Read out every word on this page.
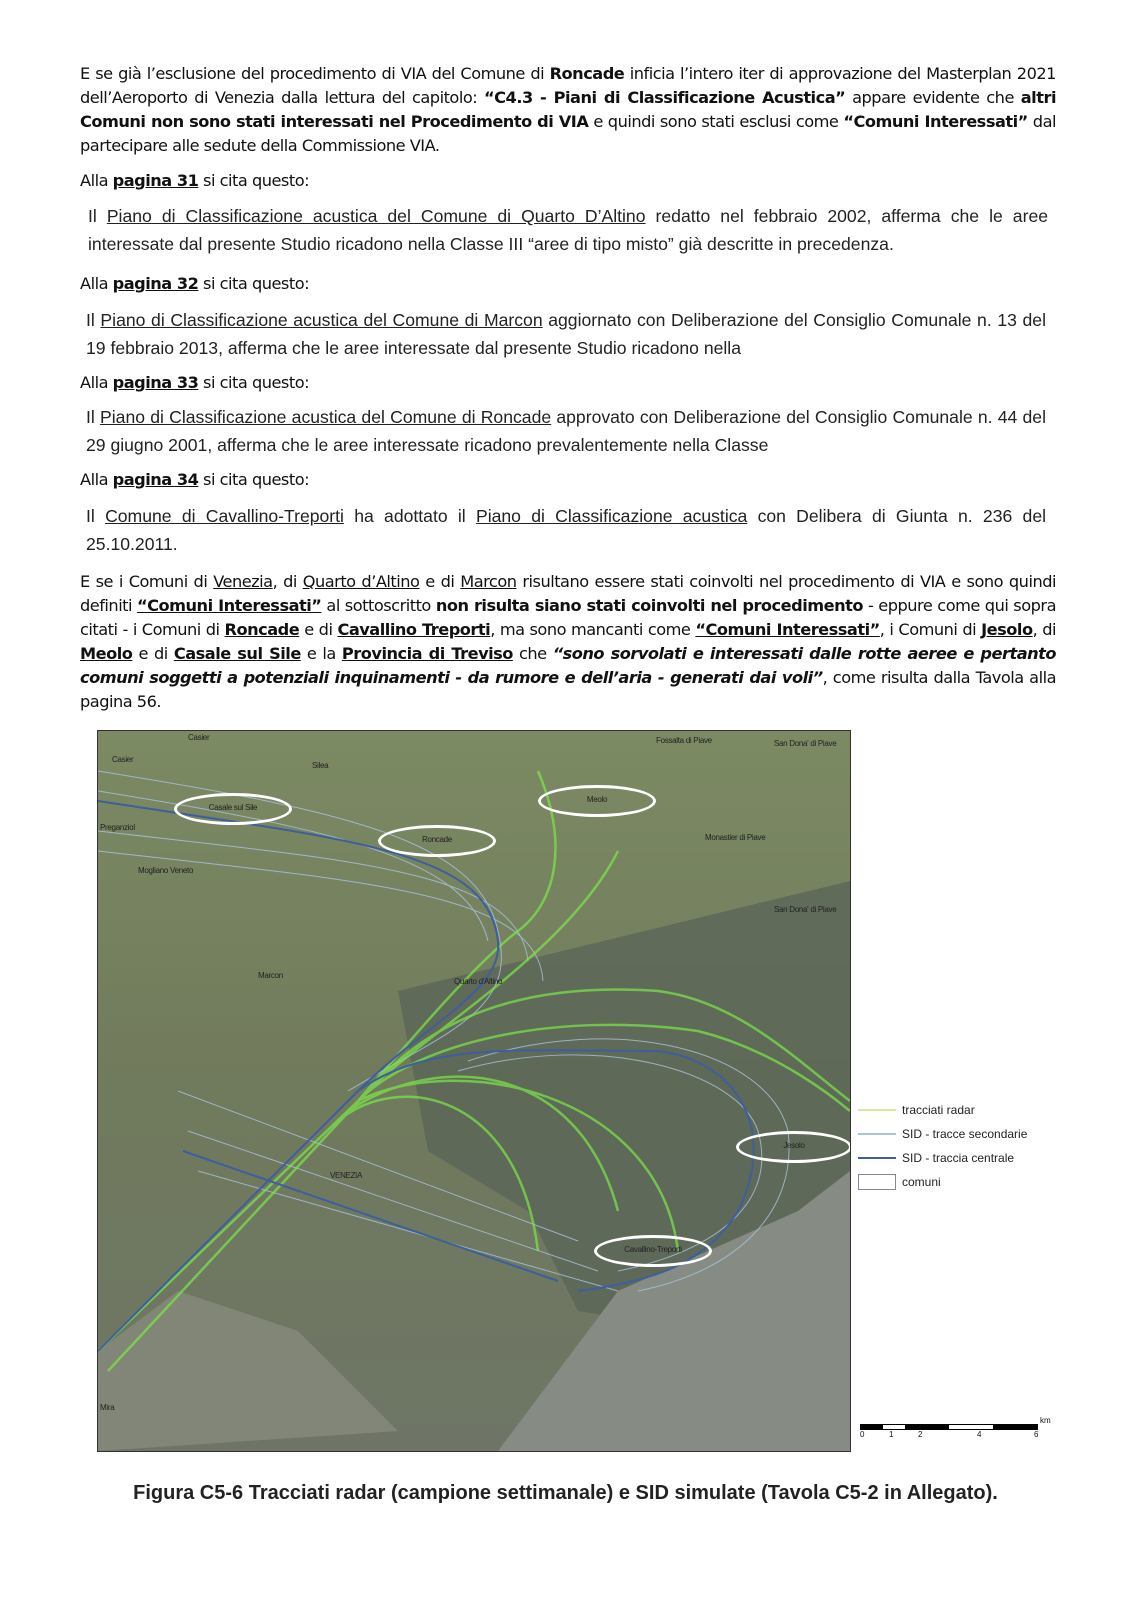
E se già l’esclusione del procedimento di VIA del Comune di Roncade inficia l’intero iter di approvazione del Masterplan 2021 dell’Aeroporto di Venezia dalla lettura del capitolo: “C4.3 - Piani di Classificazione Acustica” appare evidente che altri Comuni non sono stati interessati nel Procedimento di VIA e quindi sono stati esclusi come “Comuni Interessati” dal partecipare alle sedute della Commissione VIA.
Alla pagina 31 si cita questo:
Il Piano di Classificazione acustica del Comune di Quarto D’Altino redatto nel febbraio 2002, afferma che le aree interessate dal presente Studio ricadono nella Classe III “aree di tipo misto” già descritte in precedenza.
Alla pagina 32 si cita questo:
Il Piano di Classificazione acustica del Comune di Marcon aggiornato con Deliberazione del Consiglio Comunale n. 13 del 19 febbraio 2013, afferma che le aree interessate dal presente Studio ricadono nella
Alla pagina 33 si cita questo:
Il Piano di Classificazione acustica del Comune di Roncade approvato con Deliberazione del Consiglio Comunale n. 44 del 29 giugno 2001, afferma che le aree interessate ricadono prevalentemente nella Classe
Alla pagina 34 si cita questo:
Il Comune di Cavallino-Treporti ha adottato il Piano di Classificazione acustica con Delibera di Giunta n. 236 del 25.10.2011.
E se i Comuni di Venezia, di Quarto d’Altino e di Marcon risultano essere stati coinvolti nel procedimento di VIA e sono quindi definiti “Comuni Interessati” al sottoscritto non risulta siano stati coinvolti nel procedimento - eppure come qui sopra citati - i Comuni di Roncade e di Cavallino Treporti, ma sono mancanti come “Comuni Interessati”, i Comuni di Jesolo, di Meolo e di Casale sul Sile e la Provincia di Treviso che “sono sorvolati e interessati dalle rotte aeree e pertanto comuni soggetti a potenziali inquinamenti - da rumore e dell’aria - generati dai voli”, come risulta dalla Tavola alla pagina 56.
Casier
Casier
Silea
Fossalta di Piave	San Dona' di Piave
Preganziol
Mogliano Veneto
Monastier di Piave
San Dona' di Piave
Marcon
Quarto d'Altino
VENEZIA
Mira
Casale sul Sile
Roncade
Meolo
Jesolo
Cavallino-Treporti
tracciati radar
SID - tracce secondarie
SID - traccia centrale
comuni
0	1	2	4	6
km
Figura C5-6 Tracciati radar (campione settimanale) e SID simulate (Tavola C5-2 in Allegato).
